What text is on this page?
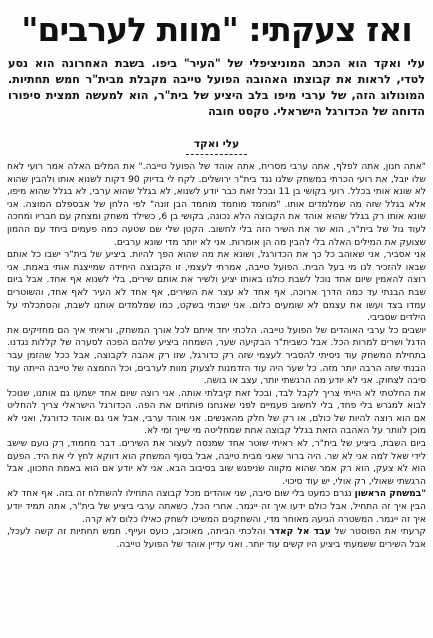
ואז צעקתי: "מוות לערבים"

עלי ואקד הוא הכתב המוניציפלי של "העיר" ביפו. בשבת האחרונה הוא נסע לטדי, לראות את קבוצתו האהובה הפועל טייבה מקבלת מבית"ר חמש תחתיות. המונולוג הזה, של ערבי מיפו בלב היציע של בית"ר, הוא למעשה תמצית סיפורו הדוחה של הכדורגל הישראלי. טקסט חובה

עלי ואקד

"אתה חנון, אתה לפלף, אתה ערבי מסריח, אתה אוהד של הפועל טייבה." את המלים האלה אמר רועי לאח שלו יובל, את רועי הכרתי במשחק שלנו נגד בית"ר ירושלים. לקח לי בדיוק 90 דקות לשנוא אותו ולהבין שהוא לא שונא אותי בכלל. רועי בקושי בן 11 ובכל זאת כבר יודע לשנוא, לא בגלל שהוא ערבי, לא בגלל שהוא מיפו, אלא בגלל שזה מה שמלמדים אותו. "מוחמד מוחמד מוחמד הבן זונה" לפי הלחן של אבספלם המוצה. אני שונא אותו רק בגלל שהוא אוהד את הקבוצה הלא נכונה, בקושי בן 6, כשילד משחק ומצחק עם חבריו ומחכה לעוד גול של בית"ר, הוא שר את השיר הזה בלי לחשוב. הקטן שלי שם שטעה כמה פעמים ביחד עם ההמון שצועק את המילים האלה בלי להבין מה הן אומרות. אני לא יותר מדי שונא ערבים.

אני אסביר, אני שאוהב כל כך את הכדורגל, ושונא את מה שהוא הפך להיות. ביציע של בית"ר ישבו כל אותם שבאו להזכיר לנו מי בעל הבית. הפועל טייבה, אמרתי לעצמי, זו הקבוצה היחידה שמייצגת אותי באמת. אני רוצה להאמין שיום אחד נוכל לשבת כולנו באותו יציע ולשיר את אותם שירים, בלי לשנוא אף אחד. אבל ביום שבת הבנתי עד כמה הדרך ארוכה. אף אחד לא עצר את השירים, אף אחד לא העיר לאף אחד, והשוטרים עמדו בצד ועשו את עצמם לא שומעים כלום. אני ישבתי בשקט, כמו שמלמדים אותנו לשבת, והסתכלתי על הילדים שסביבי.

יושבים כל ערבי האוהדים של הפועל טייבה. הלכתי יחד איתם לכל אורך המשחק, וראיתי איך הם מחזיקים את הדגל ושרים למרות הכל. אבל כשבית"ר הבקיעה שער, השמחה ביציע שלהם הפכה לסערה של קללות נגדנו. בתחילת המשחק עוד ניסיתי להסביר לעצמי שזה רק כדורגל, שזו רק אהבה לקבוצה, אבל ככל שהזמן עבר הבנתי שזה הרבה יותר מזה. כל שער היה עוד הזדמנות לצעוק מוות לערבים, וכל החמצה של טייבה הייתה עוד סיבה לצחוק. אני לא יודע מה הרגשתי יותר, עצב או בושה.

את החלטתי לא הייתי צריך לקבל לבד, ובכל זאת קיבלתי אותה. אני רוצה שיום אחד ישמעו גם אותנו, שנוכל לבוא למגרש בלי פחד, בלי לחשוב פעמיים לפני שאנחנו פותחים את הפה. הכדורגל הישראלי צריך להחליט אם הוא רוצה להיות של כולם, או רק של חלק מהאנשים. אני אוהד ערבי, אבל אני גם אוהד כדורגל, ואני לא מוכן לוותר על האהבה הזאת בגלל קבוצה אחת שמחליטה מי שייך ומי לא.

ביום השבת, ביציע של בית"ר, לא ראיתי שוטר אחד שמנסה לעצור את השירים. דבר מחמוד, רק נועם שישב לידי שאל למה אני לא שר. היה ברור שאני מבית טייבה, אבל בסוף המשחק הוא דווקא לחץ לי את היד. הפעם הוא לא צעק, הוא רק אמר שהוא מקווה שניפגש שוב בסיבוב הבא. אני לא יודע אם הוא באמת התכוון, אבל הרגשתי שאולי, רק אולי, יש עוד סיכוי.

"במשחק הראשון נגרם כמעט בלי שום סיבה, שני אוהדים מכל קבוצה התחילו להשתלח זה בזה. אף אחד לא הבין איך זה התחיל, אבל כולם ידעו איך זה ייגמר. אחרי הכל, כשאתה ערבי ביציע של בית"ר, אתה תמיד יודע איך זה ייגמר. המשטרה הגיעה מאוחר מדי, והשחקנים המשיכו לשחק כאילו כלום לא קרה.

קרעתי את הפוסטר של עבד אל קאדר והלכתי הביתה, מאוכזב, כועס ועייף. חמש תחתיות זה קשה לעכל, אבל השירים ששמעתי ביציע היו קשים עוד יותר. ואני עדיין אוהד של הפועל טייבה.
